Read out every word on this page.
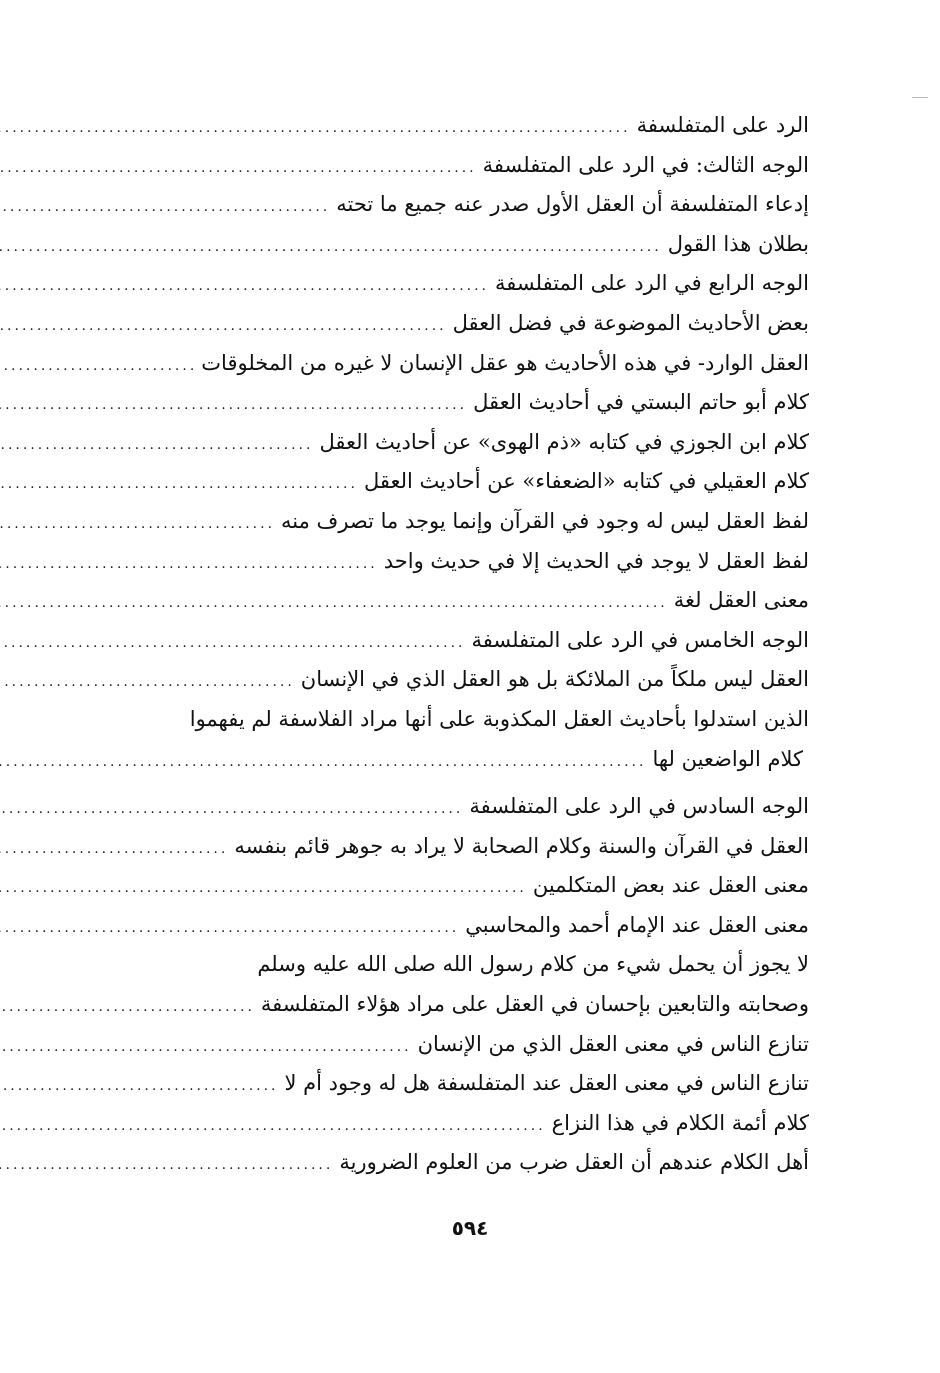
الرد على المتفلسفة
.....
الوجه الثالث: في الرد على المتفلسفة
.....
إدعاء المتفلسفة أن العقل الأول صدر عنه جميع ما تحته
.....
بطلان هذا القول
.....
الوجه الرابع في الرد على المتفلسفة
.....
بعض الأحاديث الموضوعة في فضل العقل
.....
العقل الوارد- في هذه الأحاديث هو عقل الإنسان لا غيره من المخلوقات
.....
كلام أبو حاتم البستي في أحاديث العقل
.....
كلام ابن الجوزي في كتابه «ذم الهوى» عن أحاديث العقل
.....
كلام العقيلي في كتابه «الضعفاء» عن أحاديث العقل
.....
لفظ العقل ليس له وجود في القرآن وإنما يوجد ما تصرف منه
.....
لفظ العقل لا يوجد في الحديث إلا في حديث واحد
.....
معنى العقل لغة
.....
الوجه الخامس في الرد على المتفلسفة
.....
العقل ليس ملكاً من الملائكة بل هو العقل الذي في الإنسان
.....
الذين استدلوا بأحاديث العقل المكذوبة على أنها مراد الفلاسفة لم يفهموا
كلام الواضعين لها
.....
الوجه السادس في الرد على المتفلسفة
.....
العقل في القرآن والسنة وكلام الصحابة لا يراد به جوهر قائم بنفسه
.....
معنى العقل عند بعض المتكلمين
.....
معنى العقل عند الإمام أحمد والمحاسبي
.....
لا يجوز أن يحمل شيء من كلام رسول الله صلى الله عليه وسلم
وصحابته والتابعين بإحسان في العقل على مراد هؤلاء المتفلسفة
.....
تنازع الناس في معنى العقل الذي من الإنسان
.....
تنازع الناس في معنى العقل عند المتفلسفة هل له وجود أم لا
.....
كلام أئمة الكلام في هذا النزاع
.....
أهل الكلام عندهم أن العقل ضرب من العلوم الضرورية
.....
٥٩٤
